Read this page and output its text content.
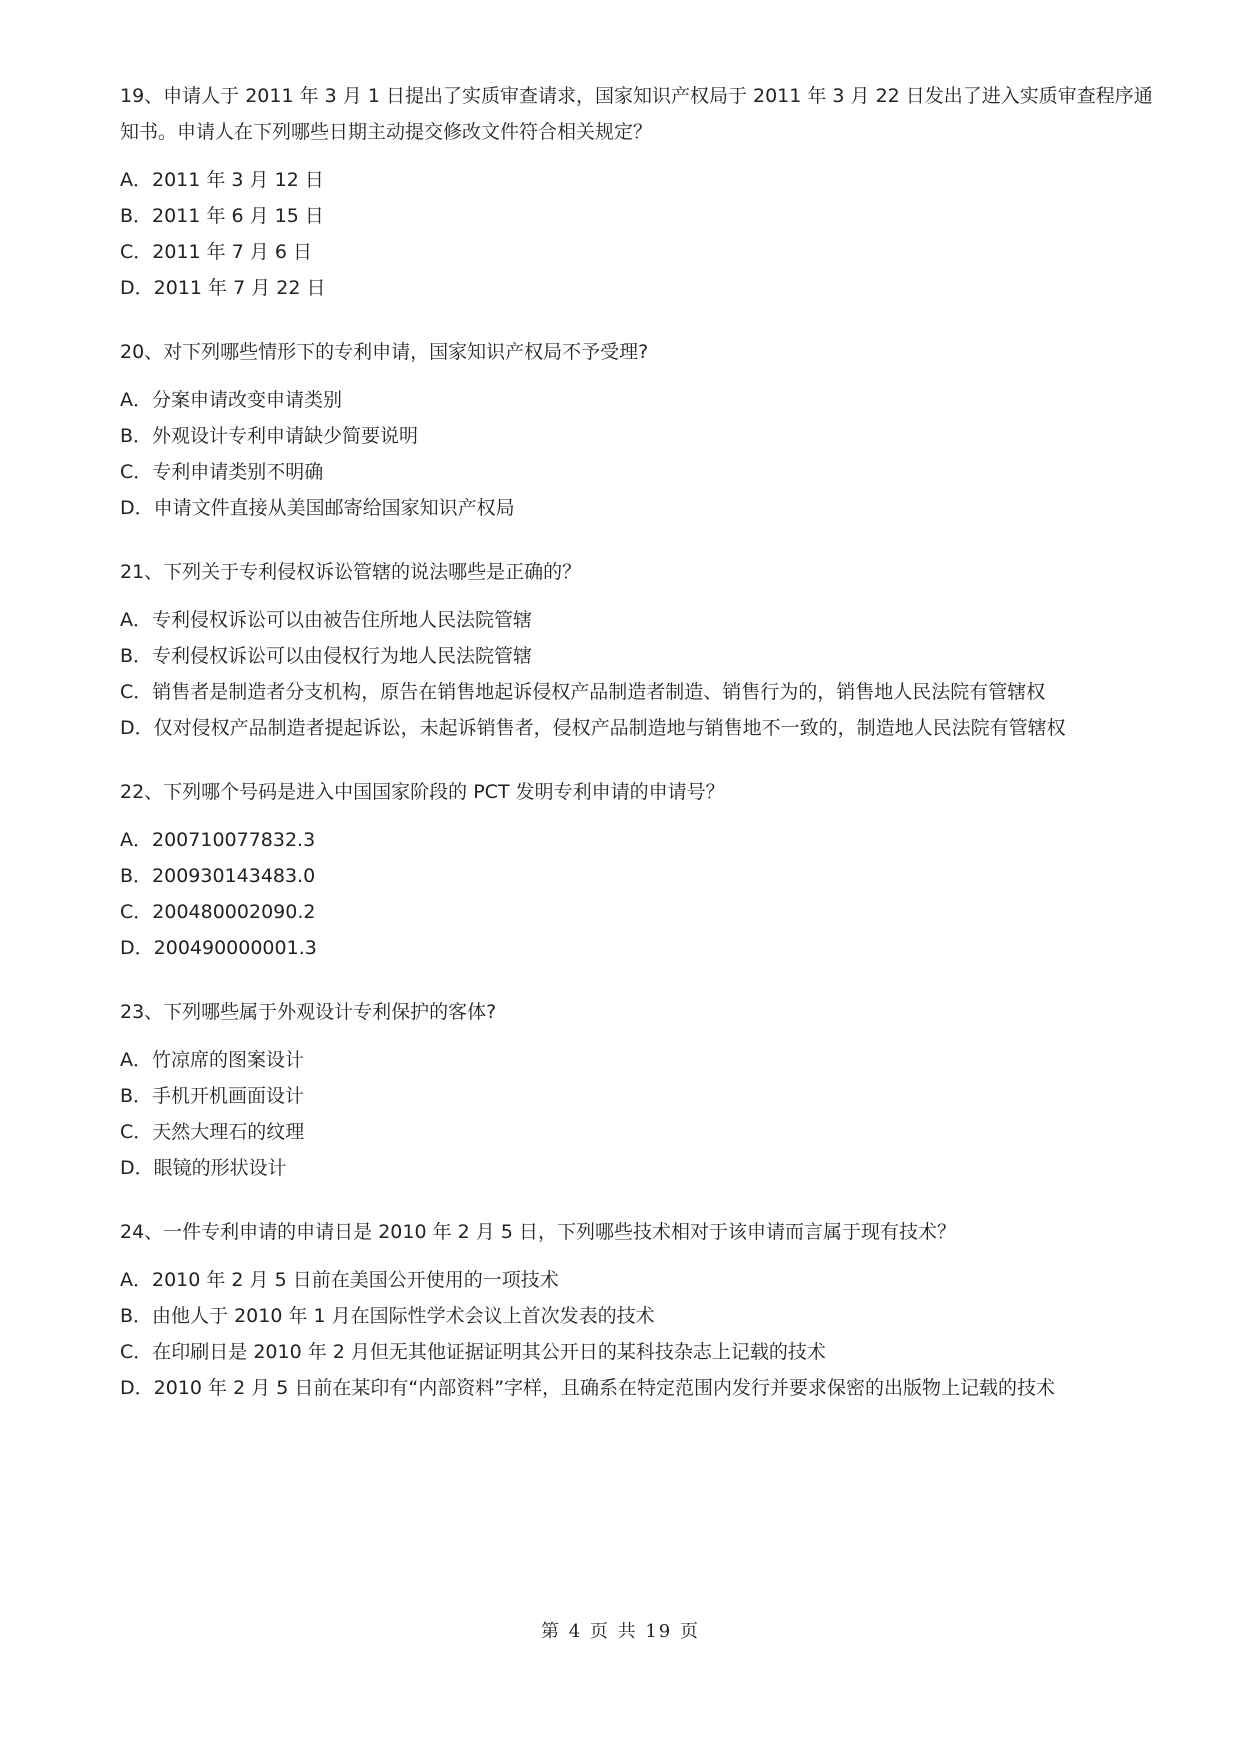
19、申请人于 2011 年 3 月 1 日提出了实质审查请求，国家知识产权局于 2011 年 3 月 22 日发出了进入实质审查程序通知书。申请人在下列哪些日期主动提交修改文件符合相关规定？

A． 2011 年 3 月 12 日

B． 2011 年 6 月 15 日

C． 2011 年 7 月 6 日

D． 2011 年 7 月 22 日

20、对下列哪些情形下的专利申请，国家知识产权局不予受理?

A． 分案申请改变申请类别

B． 外观设计专利申请缺少简要说明

C． 专利申请类别不明确

D． 申请文件直接从美国邮寄给国家知识产权局

21、下列关于专利侵权诉讼管辖的说法哪些是正确的？

A． 专利侵权诉讼可以由被告住所地人民法院管辖

B． 专利侵权诉讼可以由侵权行为地人民法院管辖

C． 销售者是制造者分支机构，原告在销售地起诉侵权产品制造者制造、销售行为的，销售地人民法院有管辖权

D． 仅对侵权产品制造者提起诉讼，未起诉销售者，侵权产品制造地与销售地不一致的，制造地人民法院有管辖权

22、下列哪个号码是进入中国国家阶段的 PCT 发明专利申请的申请号？

A． 200710077832.3

B． 200930143483.0

C． 200480002090.2

D． 200490000001.3

23、下列哪些属于外观设计专利保护的客体?

A． 竹凉席的图案设计

B． 手机开机画面设计

C． 天然大理石的纹理

D． 眼镜的形状设计

24、一件专利申请的申请日是 2010 年 2 月 5 日，下列哪些技术相对于该申请而言属于现有技术？

A． 2010 年 2 月 5 日前在美国公开使用的一项技术

B． 由他人于 2010 年 1 月在国际性学术会议上首次发表的技术

C． 在印刷日是 2010 年 2 月但无其他证据证明其公开日的某科技杂志上记载的技术

D． 2010 年 2 月 5 日前在某印有“内部资料”字样，且确系在特定范围内发行并要求保密的出版物上记载的技术

第 4 页 共 19 页
